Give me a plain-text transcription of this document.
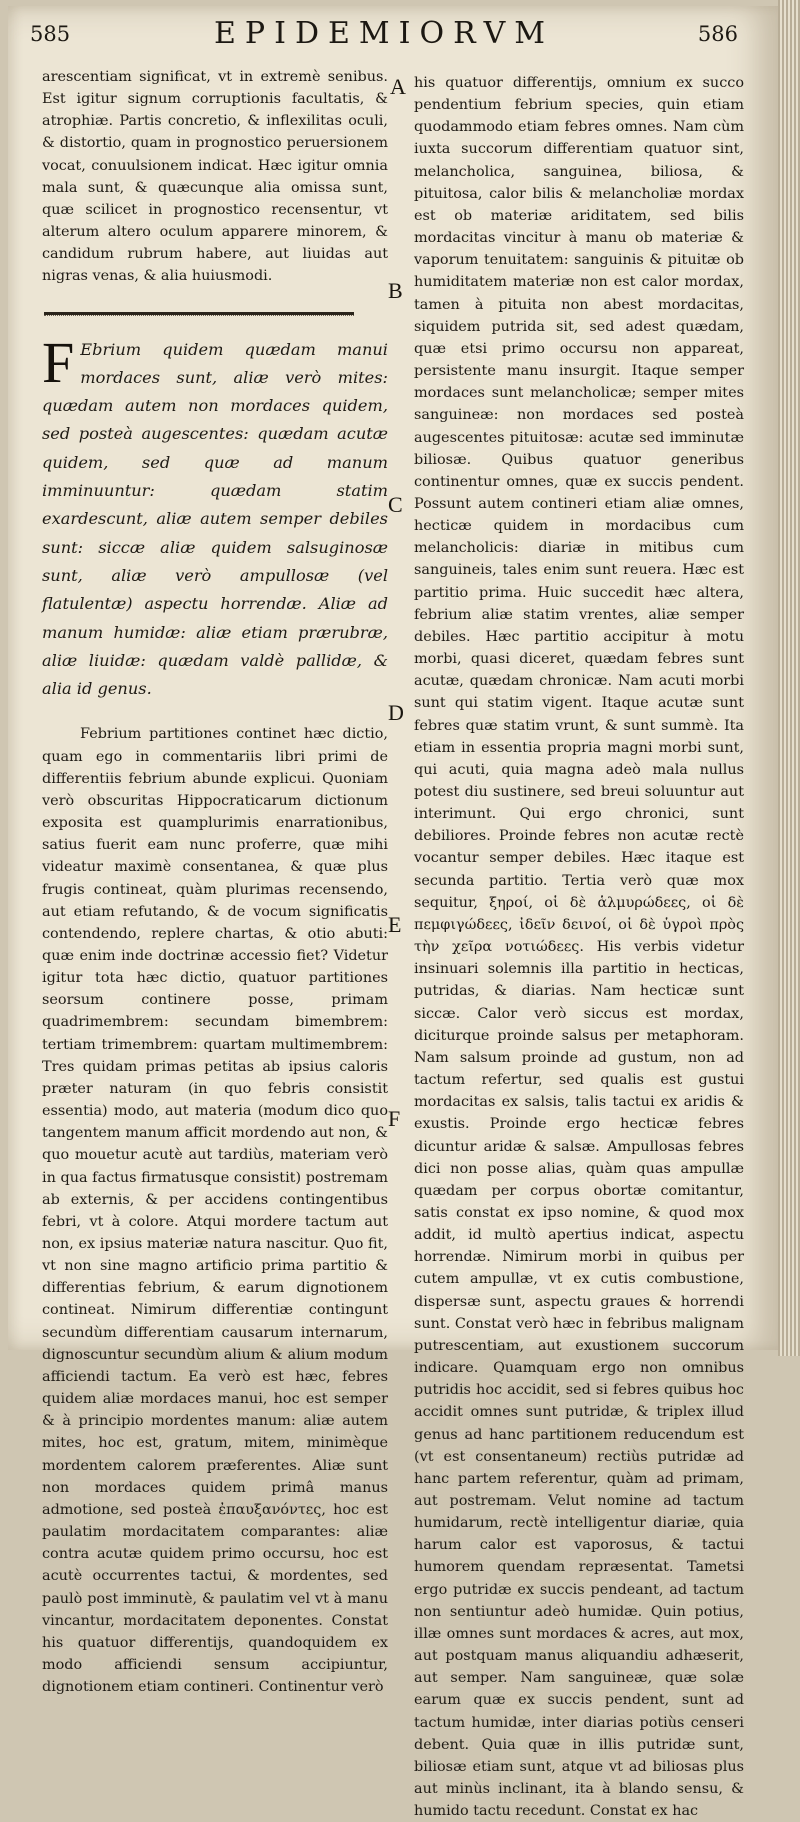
585	EPIDEMIORVM	586

arescentiam significat, vt in extremè senibus. Est igitur signum corruptionis facultatis, & atrophiæ. Partis concretio, & inflexilitas oculi, & distortio, quam in prognostico peruersionem vocat, conuulsionem indicat. Hæc igitur omnia mala sunt, & quæcunque alia omissa sunt, quæ scilicet in prognostico recensentur, vt alterum altero oculum apparere minorem, & candidum rubrum habere, aut liuidas aut nigras venas, & alia huiusmodi.

F Ebrium quidem quædam manui mordaces sunt, aliæ verò mites: quædam autem non mordaces quidem, sed posteà augescentes: quædam acutæ quidem, sed quæ ad manum imminuuntur: quædam statim exardescunt, aliæ autem semper debiles sunt: siccæ aliæ quidem salsuginosæ sunt, aliæ verò ampullosæ (vel flatulentæ) aspectu horrendæ. Aliæ ad manum humidæ: aliæ etiam prærubræ, aliæ liuidæ: quædam valdè pallidæ, & alia id genus.

Febrium partitiones continet hæc dictio, quam ego in commentariis libri primi de differentiis febrium abunde explicui. Quoniam verò obscuritas Hippocraticarum dictionum exposita est quamplurimis enarrationibus, satius fuerit eam nunc proferre, quæ mihi videatur maximè consentanea, & quæ plus frugis contineat, quàm plurimas recensendo, aut etiam refutando, & de vocum significatis contendendo, replere chartas, & otio abuti: quæ enim inde doctrinæ accessio fiet? Videtur igitur tota hæc dictio, quatuor partitiones seorsum continere posse, primam quadrimembrem: secundam bimembrem: tertiam trimembrem: quartam multimembrem: Tres quidam primas petitas ab ipsius caloris præter naturam (in quo febris consistit essentia) modo, aut materia (modum dico quo tangentem manum afficit mordendo aut non, & quo mouetur acutè aut tardiùs, materiam verò in qua factus firmatusque consistit) postremam ab externis, & per accidens contingentibus febri, vt à colore. Atqui mordere tactum aut non, ex ipsius materiæ natura nascitur. Quo fit, vt non sine magno artificio prima partitio & differentias febrium, & earum dignotionem contineat. Nimirum differentiæ contingunt secundùm differentiam causarum internarum, dignoscuntur secundùm alium & alium modum afficiendi tactum. Ea verò est hæc, febres quidem aliæ mordaces manui, hoc est semper & à principio mordentes manum: aliæ autem mites, hoc est, gratum, mitem, minimèque mordentem calorem præferentes. Aliæ sunt non mordaces quidem primâ manus admotione, sed posteà ἐπαυξανόντες, hoc est paulatim mordacitatem comparantes: aliæ contra acutæ quidem primo occursu, hoc est acutè occurrentes tactui, & mordentes, sed paulò post imminutè, & paulatim vel vt à manu vincantur, mordacitatem deponentes. Constat his quatuor differentijs, quandoquidem ex modo afficiendi sensum accipiuntur, dignotionem etiam contineri. Continentur verò

his quatuor differentijs, omnium ex succo pendentium febrium species, quin etiam quodammodo etiam febres omnes. Nam cùm iuxta succorum differentiam quatuor sint, melancholica, sanguinea, biliosa, & pituitosa, calor bilis & melancholiæ mordax est ob materiæ ariditatem, sed bilis mordacitas vincitur à manu ob materiæ & vaporum tenuitatem: sanguinis & pituitæ ob humiditatem materiæ non est calor mordax, tamen à pituita non abest mordacitas, siquidem putrida sit, sed adest quædam, quæ etsi primo occursu non appareat, persistente manu insurgit. Itaque semper mordaces sunt melancholicæ; semper mites sanguineæ: non mordaces sed posteà augescentes pituitosæ: acutæ sed imminutæ biliosæ. Quibus quatuor generibus continentur omnes, quæ ex succis pendent. Possunt autem contineri etiam aliæ omnes, hecticæ quidem in mordacibus cum melancholicis: diariæ in mitibus cum sanguineis, tales enim sunt reuera. Hæc est partitio prima. Huic succedit hæc altera, febrium aliæ statim vrentes, aliæ semper debiles. Hæc partitio accipitur à motu morbi, quasi diceret, quædam febres sunt acutæ, quædam chronicæ. Nam acuti morbi sunt qui statim vigent. Itaque acutæ sunt febres quæ statim vrunt, & sunt summè. Ita etiam in essentia propria magni morbi sunt, qui acuti, quia magna adeò mala nullus potest diu sustinere, sed breui soluuntur aut interimunt. Qui ergo chronici, sunt debiliores. Proinde febres non acutæ rectè vocantur semper debiles. Hæc itaque est secunda partitio. Tertia verò quæ mox sequitur, ξηροί, οἱ δὲ ἁλμυρώδεες, οἱ δὲ πεμφιγώδεες, ἰδεῖν δεινοί, οἱ δὲ ὑγροὶ πρὸς τὴν χεῖρα νοτιώδεες. His verbis videtur insinuari solemnis illa partitio in hecticas, putridas, & diarias. Nam hecticæ sunt siccæ. Calor verò siccus est mordax, diciturque proinde salsus per metaphoram. Nam salsum proinde ad gustum, non ad tactum refertur, sed qualis est gustui mordacitas ex salsis, talis tactui ex aridis & exustis. Proinde ergo hecticæ febres dicuntur aridæ & salsæ. Ampullosas febres dici non posse alias, quàm quas ampullæ quædam per corpus obortæ comitantur, satis constat ex ipso nomine, & quod mox addit, id multò apertius indicat, aspectu horrendæ. Nimirum morbi in quibus per cutem ampullæ, vt ex cutis combustione, dispersæ sunt, aspectu graues & horrendi sunt. Constat verò hæc in febribus malignam putrescentiam, aut exustionem succorum indicare. Quamquam ergo non omnibus putridis hoc accidit, sed si febres quibus hoc accidit omnes sunt putridæ, & triplex illud genus ad hanc partitionem reducendum est (vt est consentaneum) rectiùs putridæ ad hanc partem referentur, quàm ad primam, aut postremam. Velut nomine ad tactum humidarum, rectè intelligentur diariæ, quia harum calor est vaporosus, & tactui humorem quendam repræsentat. Tametsi ergo putridæ ex succis pendeant, ad tactum non sentiuntur adeò humidæ. Quin potius, illæ omnes sunt mordaces & acres, aut mox, aut postquam manus aliquandiu adhæserit, aut semper. Nam sanguineæ, quæ solæ earum quæ ex succis pendent, sunt ad tactum humidæ, inter diarias potiùs censeri debent. Quia quæ in illis putridæ sunt, biliosæ etiam sunt, atque vt ad biliosas plus aut minùs inclinant, ita à blando sensu, & humido tactu recedunt. Constat ex hac

A
B
C
D
E
F
